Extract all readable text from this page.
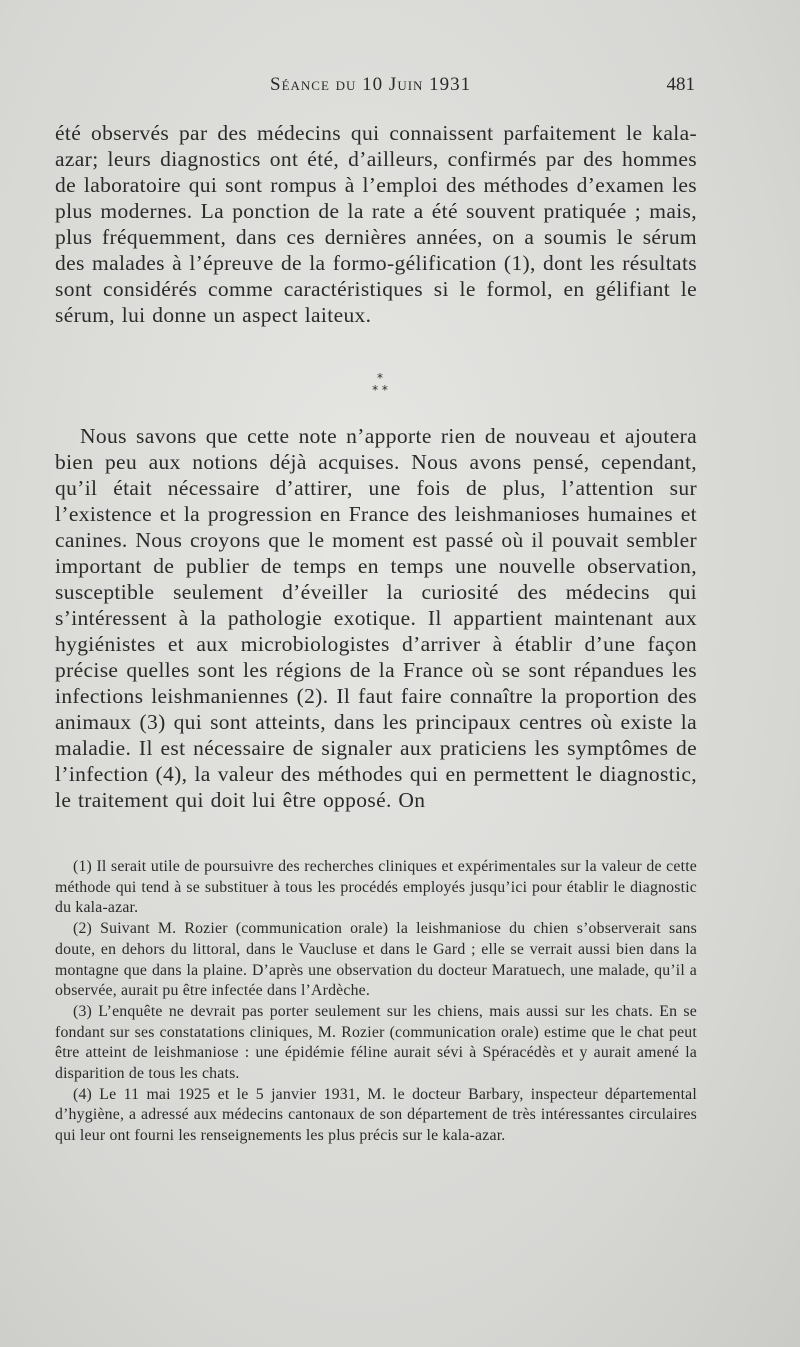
Séance du 10 Juin 1931	481

été observés par des médecins qui connaissent parfaitement le kala-azar; leurs diagnostics ont été, d’ailleurs, confirmés par des hommes de laboratoire qui sont rompus à l’emploi des méthodes d’examen les plus modernes. La ponction de la rate a été souvent pratiquée ; mais, plus fréquemment, dans ces dernières années, on a soumis le sérum des malades à l’épreuve de la formo-gélification (1), dont les résultats sont considérés comme caractéristiques si le formol, en gélifiant le sérum, lui donne un aspect laiteux.

*
* *

Nous savons que cette note n’apporte rien de nouveau et ajoutera bien peu aux notions déjà acquises. Nous avons pensé, cependant, qu’il était nécessaire d’attirer, une fois de plus, l’attention sur l’existence et la progression en France des leishmanioses humaines et canines. Nous croyons que le moment est passé où il pouvait sembler important de publier de temps en temps une nouvelle observation, susceptible seulement d’éveiller la curiosité des médecins qui s’intéressent à la pathologie exotique. Il appartient maintenant aux hygiénistes et aux microbiologistes d’arriver à établir d’une façon précise quelles sont les régions de la France où se sont répandues les infections leishmaniennes (2). Il faut faire connaître la proportion des animaux (3) qui sont atteints, dans les principaux centres où existe la maladie. Il est nécessaire de signaler aux praticiens les symptômes de l’infection (4), la valeur des méthodes qui en permettent le diagnostic, le traitement qui doit lui être opposé. On

(1) Il serait utile de poursuivre des recherches cliniques et expérimentales sur la valeur de cette méthode qui tend à se substituer à tous les procédés employés jusqu’ici pour établir le diagnostic du kala-azar.

(2) Suivant M. Rozier (communication orale) la leishmaniose du chien s’observerait sans doute, en dehors du littoral, dans le Vaucluse et dans le Gard ; elle se verrait aussi bien dans la montagne que dans la plaine. D’après une observation du docteur Maratuech, une malade, qu’il a observée, aurait pu être infectée dans l’Ardèche.

(3) L’enquête ne devrait pas porter seulement sur les chiens, mais aussi sur les chats. En se fondant sur ses constatations cliniques, M. Rozier (communication orale) estime que le chat peut être atteint de leishmaniose : une épidémie féline aurait sévi à Spéracédès et y aurait amené la disparition de tous les chats.

(4) Le 11 mai 1925 et le 5 janvier 1931, M. le docteur Barbary, inspecteur départemental d’hygiène, a adressé aux médecins cantonaux de son département de très intéressantes circulaires qui leur ont fourni les renseignements les plus précis sur le kala-azar.
